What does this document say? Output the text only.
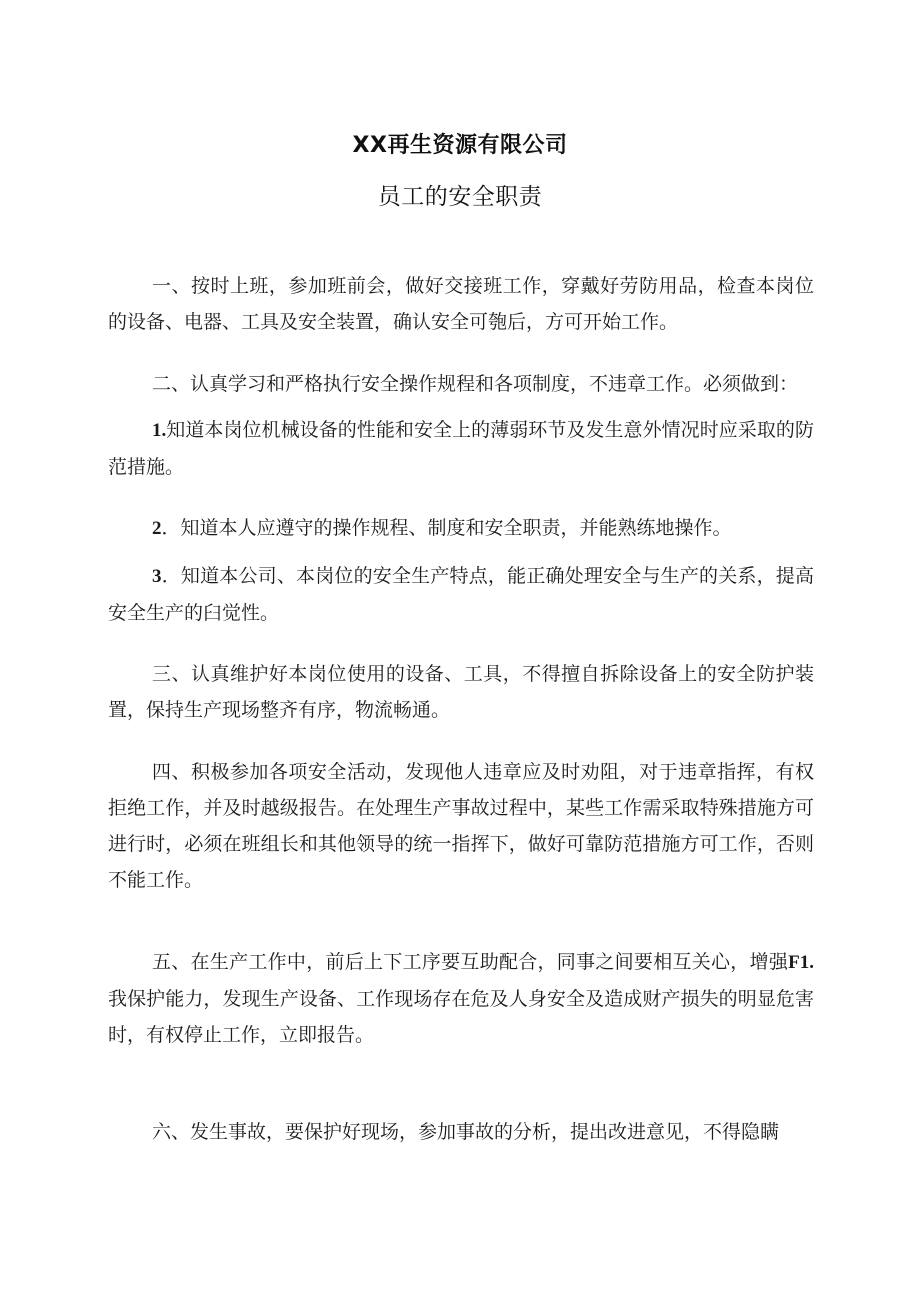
XX再生资源有限公司
员工的安全职责

一、按时上班，参加班前会，做好交接班工作，穿戴好劳防用品，检查本岗位的设备、电器、工具及安全装置，确认安全可匏后，方可开始工作。

二、认真学习和严格执行安全操作规程和各项制度，不违章工作。必须做到：

1.知道本岗位机械设备的性能和安全上的薄弱环节及发生意外情况时应采取的防范措施。

2．知道本人应遵守的操作规程、制度和安全职责，并能熟练地操作。

3．知道本公司、本岗位的安全生产特点，能正确处理安全与生产的关系，提高安全生产的臼觉性。

三、认真维护好本岗位使用的设备、工具，不得擅自拆除设备上的安全防护装置，保持生产现场整齐有序，物流畅通。

四、积极参加各项安全活动，发现他人违章应及时劝阻，对于违章指挥，有权拒绝工作，并及时越级报告。在处理生产事故过程中，某些工作需采取特殊措施方可进行时，必须在班组长和其他领导的统一指挥下，做好可靠防范措施方可工作，否则不能工作。

五、在生产工作中，前后上下工序要互助配合，同事之间要相互关心，增强F1.我保护能力，发现生产设备、工作现场存在危及人身安全及造成财产损失的明显危害时，有权停止工作，立即报告。

六、发生事故，要保护好现场，参加事故的分析，提出改进意见，不得隐瞒
